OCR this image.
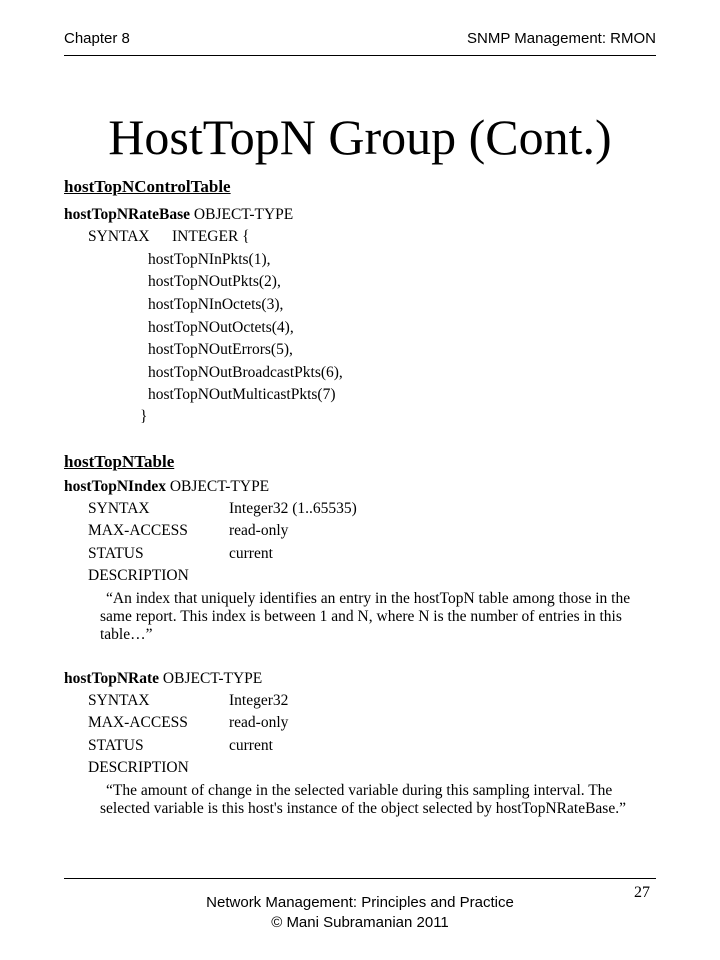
Chapter 8	SNMP Management: RMON
HostTopN Group (Cont.)
hostTopNControlTable
hostTopNRateBase OBJECT-TYPE
SYNTAX INTEGER {
hostTopNInPkts(1),
hostTopNOutPkts(2),
hostTopNInOctets(3),
hostTopNOutOctets(4),
hostTopNOutErrors(5),
hostTopNOutBroadcastPkts(6),
hostTopNOutMulticastPkts(7)
}
hostTopNTable
hostTopNIndex OBJECT-TYPE
SYNTAX	Integer32 (1..65535)
MAX-ACCESS	read-only
STATUS	current
DESCRIPTION
“An index that uniquely identifies an entry in the hostTopN table among those in the same report. This index is between 1 and N, where N is the number of entries in this table…”
hostTopNRate OBJECT-TYPE
SYNTAX	Integer32
MAX-ACCESS	read-only
STATUS	current
DESCRIPTION
“The amount of change in the selected variable during this sampling interval. The selected variable is this host's instance of the object selected by hostTopNRateBase.”
27
Network Management: Principles and Practice
© Mani Subramanian 2011
